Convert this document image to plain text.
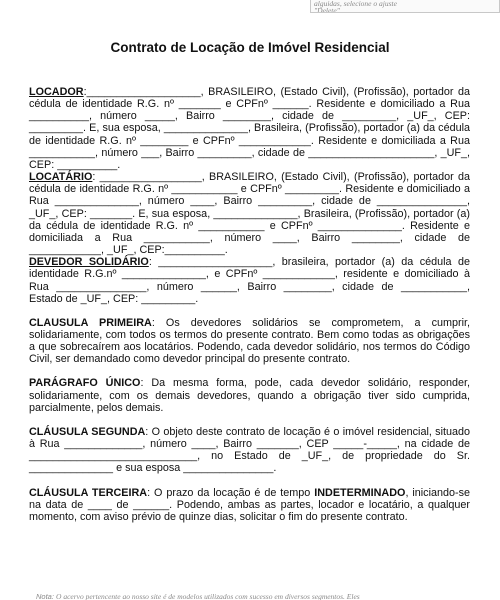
alguidas, selecione o ajuste
"Delete"
Contrato de Locação de Imóvel Residencial

LOCADOR:___________________, BRASILEIRO, (Estado Civil), (Profissão), portador da cédula de identidade R.G. nº _______ e CPFnº ______. Residente e domiciliado a Rua __________, número _____, Bairro ________, cidade de _________, _UF_, CEP: _________. E, sua esposa, ______________, Brasileira, (Profissão), portador (a) da cédula de identidade R.G. nº ________ e CPFnº ____________. Residente e domiciliada a Rua ___________, número ___, Bairro _________, cidade de _____________________, _UF_, CEP: __________.

LOCATÁRIO: _________________, BRASILEIRO, (Estado Civil), (Profissão), portador da cédula de identidade R.G. nº ___________ e CPFnº _________. Residente e domiciliado a Rua ______________, número ____, Bairro _________, cidade de _______________, _UF_, CEP: _______. E, sua esposa, ______________, Brasileira, (Profissão), portador (a) da cédula de identidade R.G. nº ___________ e CPFnº ______________. Residente e domiciliada a Rua ___________, número ____, Bairro ________, cidade de ____________, _UF_, CEP:__________.

DEVEDOR SOLIDÁRIO: ___________________, brasileira, portador (a) da cédula de identidade R.G.nº ______________, e CPFnº ____________, residente e domiciliado à Rua _______________, número ______, Bairro ________, cidade de ___________, Estado de _UF_, CEP: _________.

CLAUSULA PRIMEIRA: Os devedores solidários se comprometem, a cumprir, solidariamente, com todos os termos do presente contrato. Bem como todas as obrigações a que sobrecaírem aos locatários. Podendo, cada devedor solidário, nos termos do Código Civil, ser demandado como devedor principal do presente contrato.

PARÁGRAFO ÚNICO: Da mesma forma, pode, cada devedor solidário, responder, solidariamente, com os demais devedores, quando a obrigação tiver sido cumprida, parcialmente, pelos demais.

CLÁUSULA SEGUNDA: O objeto deste contrato de locação é o imóvel residencial, situado à Rua _____________, número ____, Bairro _______, CEP _____-_____, na cidade de ____________________________, no Estado de _UF_, de propriedade do Sr. ______________ e sua esposa _______________.

CLÁUSULA TERCEIRA: O prazo da locação é de tempo INDETERMINADO, iniciando-se na data de ____ de ______. Podendo, ambas as partes, locador e locatário, a qualquer momento, com aviso prévio de quinze dias, solicitar o fim do presente contrato.

Nota: O acervo pertencente ao nosso site é de modelos utilizados com sucesso em diversos segmentos. Eles
